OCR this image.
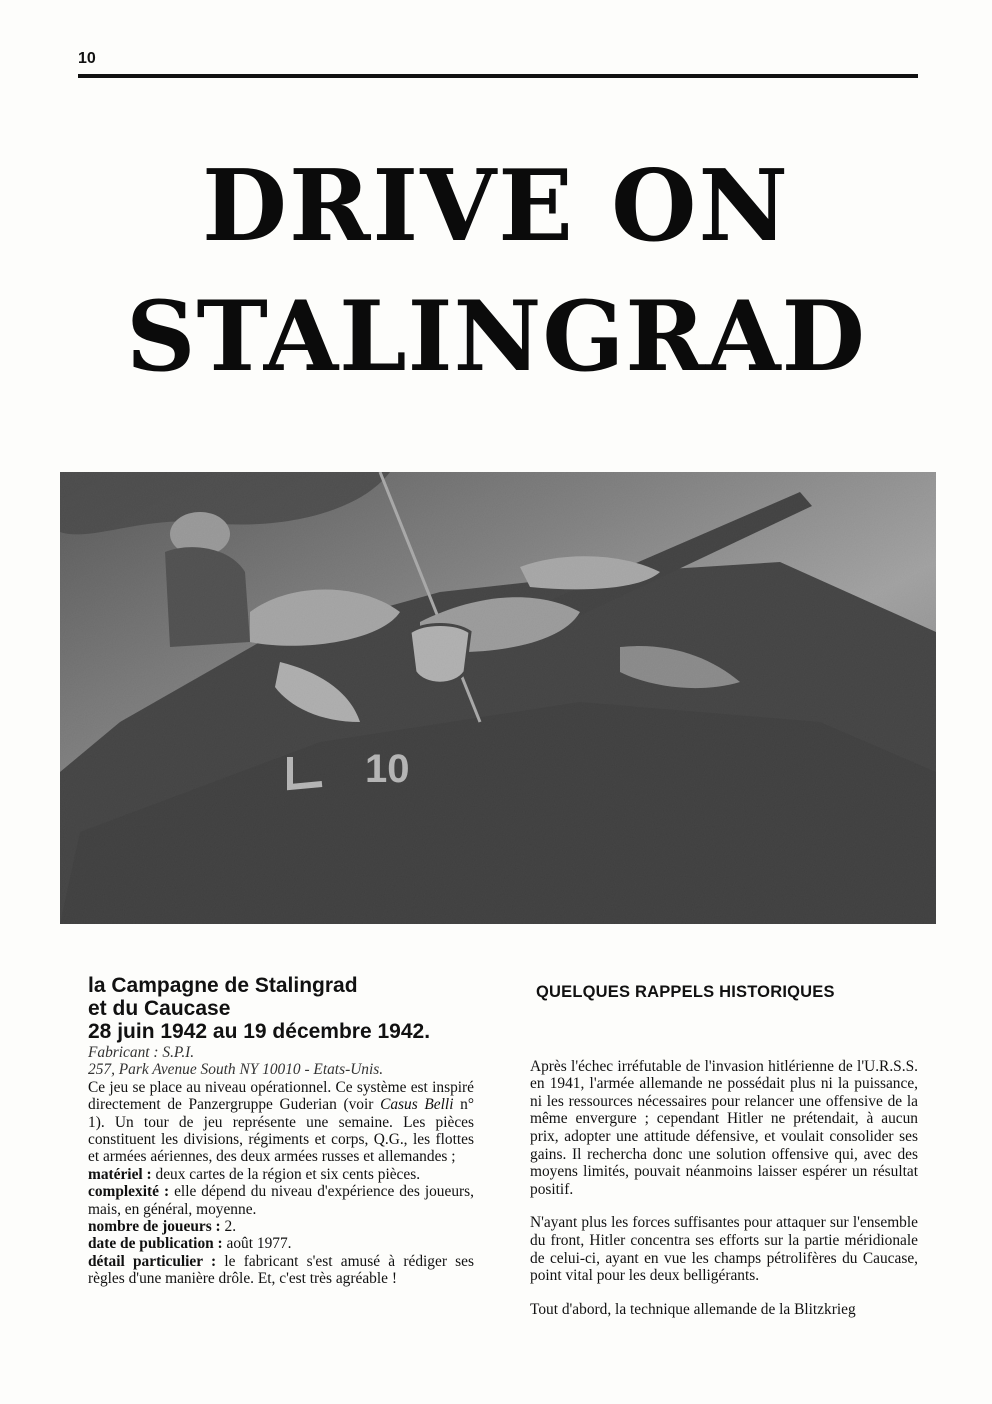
10
DRIVE ON
STALINGRAD
la Campagne de Stalingrad
et du Caucase
28 juin 1942 au 19 décembre 1942.

Fabricant : S.P.I.

257, Park Avenue South NY 10010 - Etats-Unis.

Ce jeu se place au niveau opérationnel. Ce système est inspiré directement de Panzergruppe Guderian (voir Casus Belli n° 1). Un tour de jeu représente une semaine. Les pièces constituent les divisions, régiments et corps, Q.G., les flottes et armées aériennes, des deux armées russes et allemandes ;

matériel : deux cartes de la région et six cents pièces.

complexité : elle dépend du niveau d'expérience des joueurs, mais, en général, moyenne.

nombre de joueurs : 2.

date de publication : août 1977.

détail particulier : le fabricant s'est amusé à rédiger ses règles d'une manière drôle. Et, c'est très agréable !

QUELQUES RAPPELS HISTORIQUES

Après l'échec irréfutable de l'invasion hitlérienne de l'U.R.S.S. en 1941, l'armée allemande ne possédait plus ni la puissance, ni les ressources nécessaires pour relancer une offensive de la même envergure ; cependant Hitler ne prétendait, à aucun prix, adopter une attitude défensive, et voulait consolider ses gains. Il rechercha donc une solution offensive qui, avec des moyens limités, pouvait néanmoins laisser espérer un résultat positif.

N'ayant plus les forces suffisantes pour attaquer sur l'ensemble du front, Hitler concentra ses efforts sur la partie méridionale de celui-ci, ayant en vue les champs pétrolifères du Caucase, point vital pour les deux belligérants.

Tout d'abord, la technique allemande de la Blitzkrieg
